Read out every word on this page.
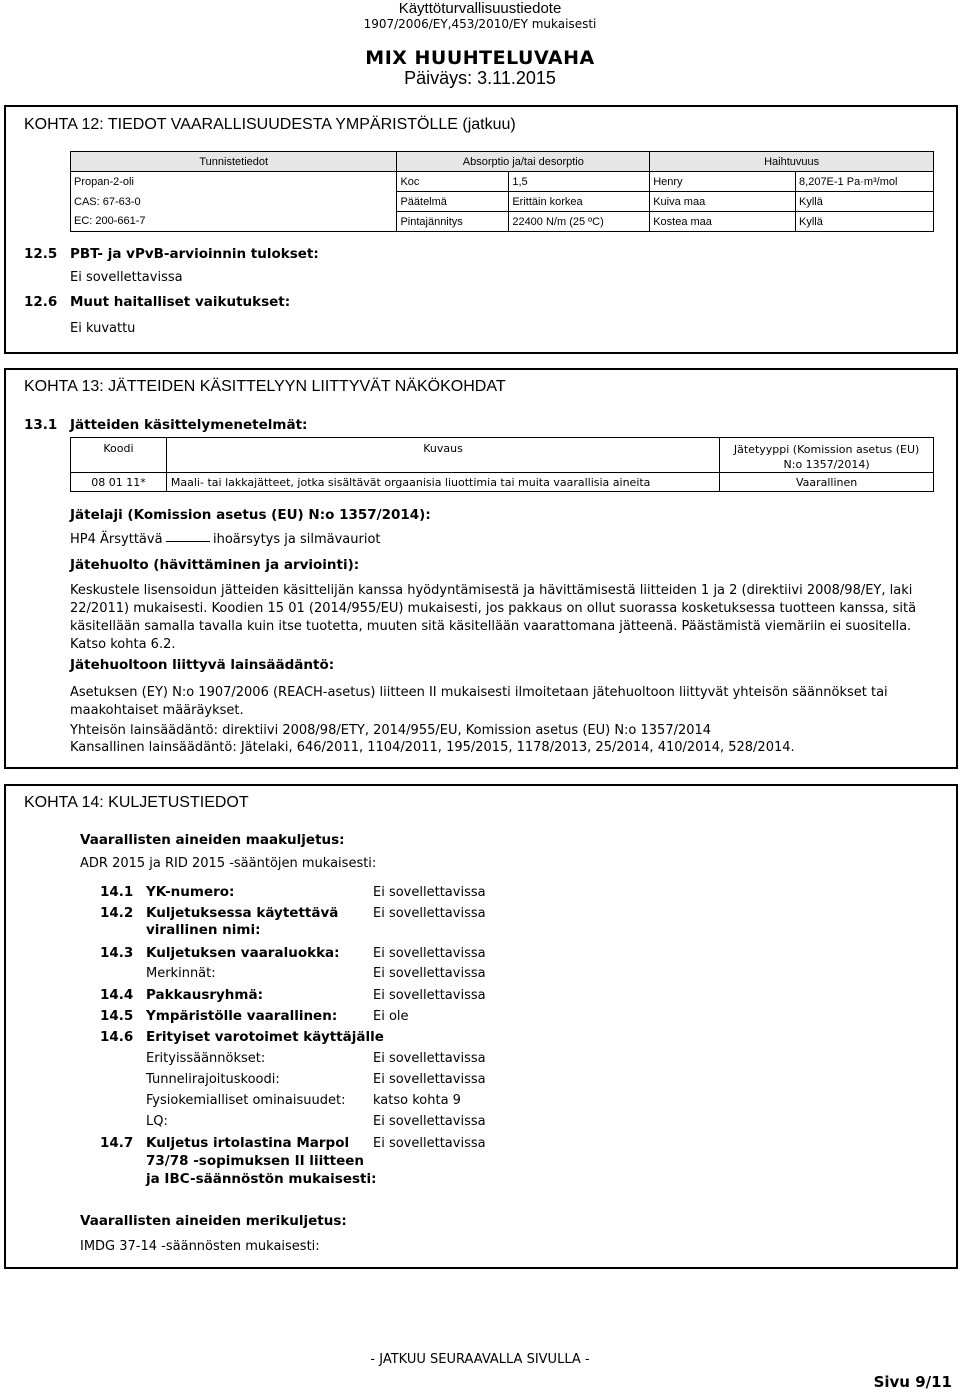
Käyttöturvallisuustiedote
1907/2006/EY,453/2010/EY mukaisesti
MIX HUUHTELUVAHA
Päiväys: 3.11.2015
KOHTA 12: TIEDOT VAARALLISUUDESTA YMPÄRISTÖLLE (jatkuu)
Tunnistetiedot	Absorptio ja/tai desorptio		Haihtuvuus	
Propan-2-oli	Koc	1,5	Henry	8,207E-1 Pa·m³/mol
CAS: 67-63-0	Päätelmä	Erittäin korkea	Kuiva maa	Kyllä
EC: 200-661-7	Pintajännitys	22400 N/m (25 ºC)	Kostea maa	Kyllä
12.5 PBT- ja vPvB-arvioinnin tulokset:
Ei sovellettavissa
12.6 Muut haitalliset vaikutukset:
Ei kuvattu
KOHTA 13: JÄTTEIDEN KÄSITTELYYN LIITTYVÄT NÄKÖKOHDAT
13.1 Jätteiden käsittelymenetelmät:
Koodi	Kuvaus	Jätetyyppi (Komission asetus (EU) N:o 1357/2014)
08 01 11*	Maali- tai lakkajätteet, jotka sisältävät orgaanisia liuottimia tai muita vaarallisia aineita	Vaarallinen
Jätelaji (Komission asetus (EU) N:o 1357/2014):
HP4 Ärsyttävä	ihoärsytys ja silmävauriot
Jätehuolto (hävittäminen ja arviointi):
Keskustele lisensoidun jätteiden käsittelijän kanssa hyödyntämisestä ja hävittämisestä liitteiden 1 ja 2 (direktiivi 2008/98/EY, laki 22/2011) mukaisesti. Koodien 15 01 (2014/955/EU) mukaisesti, jos pakkaus on ollut suorassa kosketuksessa tuotteen kanssa, sitä käsitellään samalla tavalla kuin itse tuotetta, muuten sitä käsitellään vaarattomana jätteenä. Päästämistä viemäriin ei suositella. Katso kohta 6.2.
Jätehuoltoon liittyvä lainsäädäntö:
Asetuksen (EY) N:o 1907/2006 (REACH-asetus) liitteen II mukaisesti ilmoitetaan jätehuoltoon liittyvät yhteisön säännökset tai maakohtaiset määräykset.
Yhteisön lainsäädäntö: direktiivi 2008/98/ETY, 2014/955/EU, Komission asetus (EU) N:o 1357/2014
Kansallinen lainsäädäntö: Jätelaki, 646/2011, 1104/2011, 195/2015, 1178/2013, 25/2014, 410/2014, 528/2014.
KOHTA 14: KULJETUSTIEDOT
Vaarallisten aineiden maakuljetus:
ADR 2015 ja RID 2015 -sääntöjen mukaisesti:
14.1 YK-numero:	Ei sovellettavissa
14.2 Kuljetuksessa käytettävä
virallinen nimi:
Ei sovellettavissa
14.3 Kuljetuksen vaaraluokka:	Ei sovellettavissa
Merkinnät:	Ei sovellettavissa
14.4 Pakkausryhmä:	Ei sovellettavissa
14.5 Ympäristölle vaarallinen:	Ei ole
14.6 Erityiset varotoimet käyttäjälle
Erityissäännökset:	Ei sovellettavissa
Tunnelirajoituskoodi:	Ei sovellettavissa
Fysiokemialliset ominaisuudet: katso kohta 9
LQ:	Ei sovellettavissa
14.7 Kuljetus irtolastina Marpol
73/78 -sopimuksen II liitteen
ja IBC-säännöstön mukaisesti:
Ei sovellettavissa
Vaarallisten aineiden merikuljetus:
IMDG 37-14 -säännösten mukaisesti:
- JATKUU SEURAAVALLA SIVULLA -
Sivu 9/11
